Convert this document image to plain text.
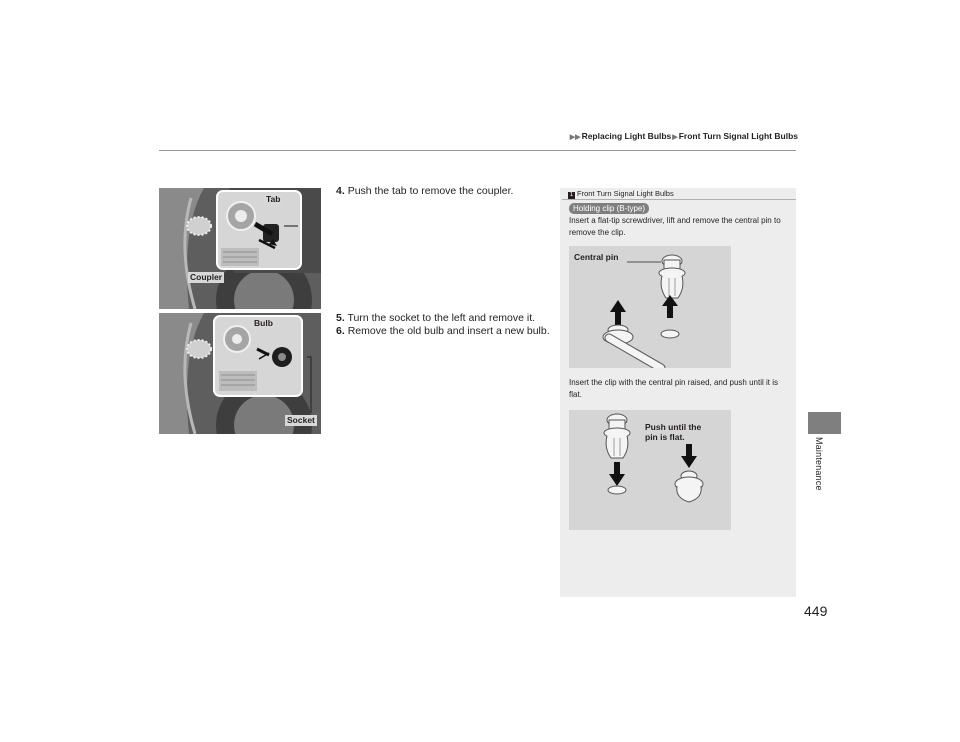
▶▶Replacing Light Bulbs▶Front Turn Signal Light Bulbs
Maintenance
449
Tab
Coupler
Bulb
Socket
4. Push the tab to remove the coupler.
5. Turn the socket to the left and remove it.
6. Remove the old bulb and insert a new bulb.
1 Front Turn Signal Light Bulbs
Holding clip (B-type)
Insert a flat-tip screwdriver, lift and remove the central pin to remove the clip.
Central pin
Insert the clip with the central pin raised, and push until it is flat.
Push until the
pin is flat.
